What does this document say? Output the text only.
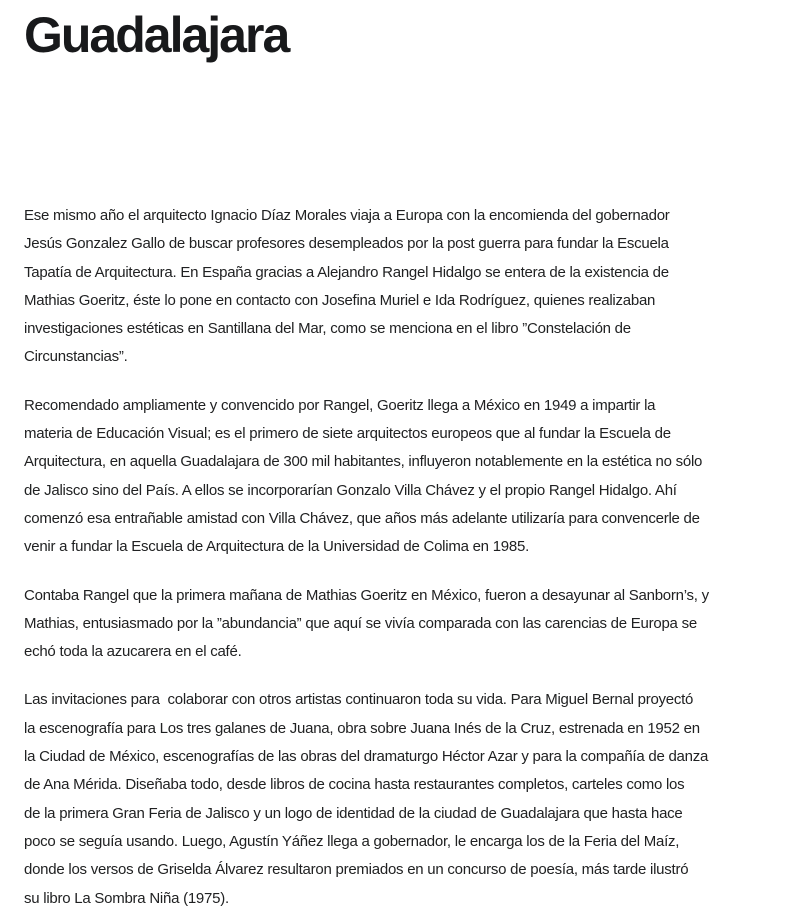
Guadalajara
Ese mismo año el arquitecto Ignacio Díaz Morales viaja a Europa con la encomienda del gobernador
Jesús Gonzalez Gallo de buscar profesores desempleados por la post guerra para fundar la Escuela
Tapatía de Arquitectura. En España gracias a Alejandro Rangel Hidalgo se entera de la existencia de
Mathias Goeritz, éste lo pone en contacto con Josefina Muriel e Ida Rodríguez, quienes realizaban
investigaciones estéticas en Santillana del Mar, como se menciona en el libro ”Constelación de
Circunstancias”.
Recomendado ampliamente y convencido por Rangel, Goeritz llega a México en 1949 a impartir la
materia de Educación Visual; es el primero de siete arquitectos europeos que al fundar la Escuela de
Arquitectura, en aquella Guadalajara de 300 mil habitantes, influyeron notablemente en la estética no sólo
de Jalisco sino del País. A ellos se incorporarían Gonzalo Villa Chávez y el propio Rangel Hidalgo. Ahí
comenzó esa entrañable amistad con Villa Chávez, que años más adelante utilizaría para convencerle de
venir a fundar la Escuela de Arquitectura de la Universidad de Colima en 1985.
Contaba Rangel que la primera mañana de Mathias Goeritz en México, fueron a desayunar al Sanborn’s, y
Mathias, entusiasmado por la ”abundancia” que aquí se vivía comparada con las carencias de Europa se
echó toda la azucarera en el café.
Las invitaciones para  colaborar con otros artistas continuaron toda su vida. Para Miguel Bernal proyectó
la escenografía para Los tres galanes de Juana, obra sobre Juana Inés de la Cruz, estrenada en 1952 en
la Ciudad de México, escenografías de las obras del dramaturgo Héctor Azar y para la compañía de danza
de Ana Mérida. Diseñaba todo, desde libros de cocina hasta restaurantes completos, carteles como los
de la primera Gran Feria de Jalisco y un logo de identidad de la ciudad de Guadalajara que hasta hace
poco se seguía usando. Luego, Agustín Yáñez llega a gobernador, le encarga los de la Feria del Maíz,
donde los versos de Griselda Álvarez resultaron premiados en un concurso de poesía, más tarde ilustró
su libro La Sombra Niña (1975).
